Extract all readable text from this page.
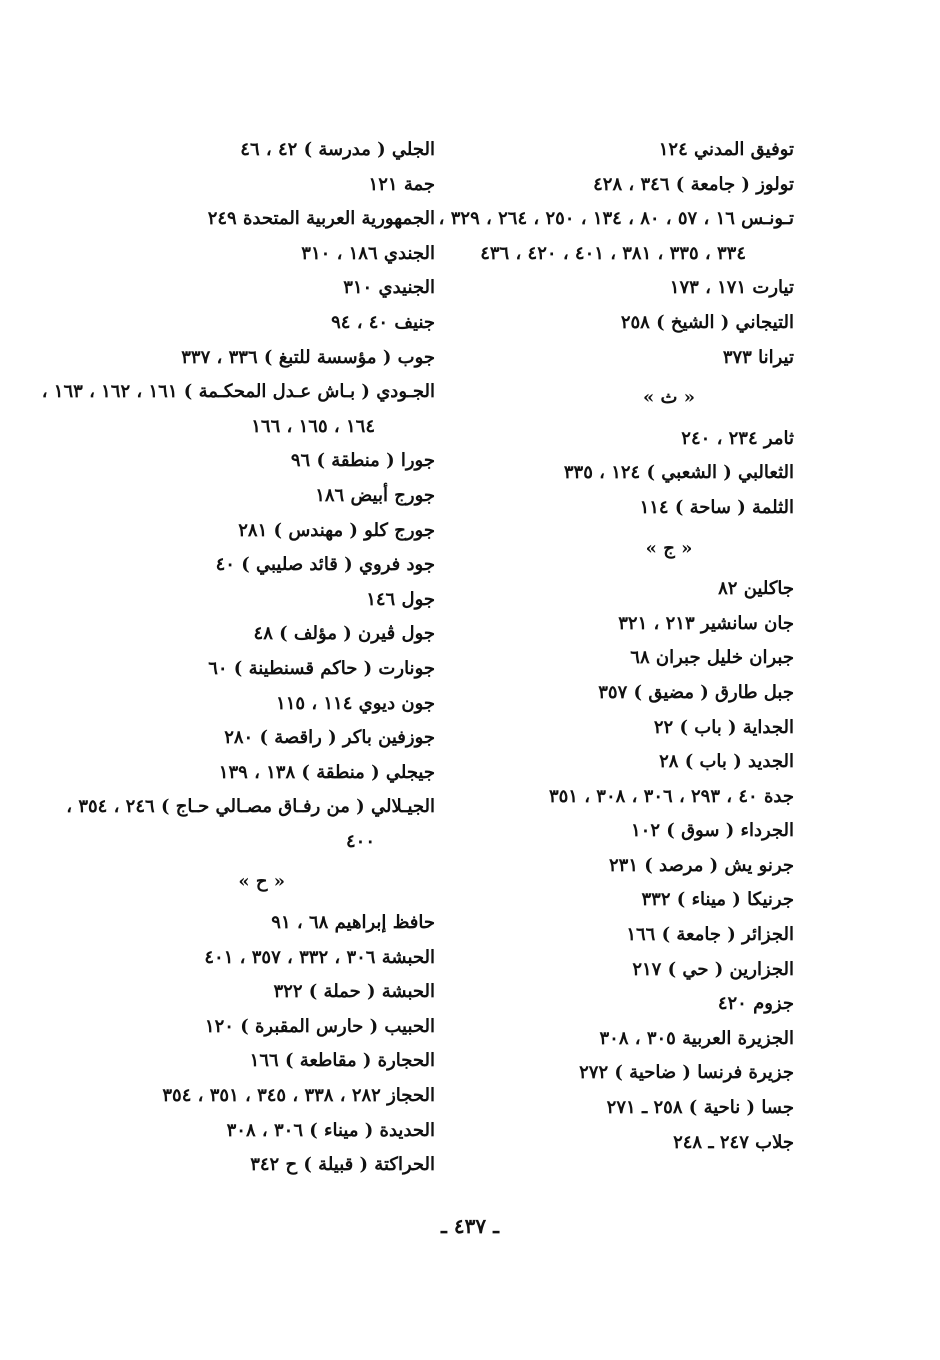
توفيق المدني ١٢٤
تولوز ( جامعة ) ٣٤٦ ، ٤٢٨
تـونـس ١٦ ، ٥٧ ، ٨٠ ، ١٣٤ ، ٢٥٠ ، ٢٦٤ ، ٣٢٩ ،
٣٣٤ ، ٣٣٥ ، ٣٨١ ، ٤٠١ ، ٤٢٠ ، ٤٣٦
تيارت ١٧١ ، ١٧٣
التيجاني ( الشيخ ) ٢٥٨
تيرانا ٣٧٣
« ث »
ثامر ٢٣٤ ، ٢٤٠
الثعالبي ( الشعبي ) ١٢٤ ، ٣٣٥
الثلمة ( ساحة ) ١١٤
« ج »
جاكلين ٨٢
جان سانشير ٢١٣ ، ٣٢١
جبران خليل جبران ٦٨
جبل طارق ( مضيق ) ٣٥٧
الجداية ( باب ) ٢٢
الجديد ( باب ) ٢٨
جدة ٤٠ ، ٢٩٣ ، ٣٠٦ ، ٣٠٨ ، ٣٥١
الجرداء ( سوق ) ١٠٢
جرنو يش ( مرصد ) ٢٣١
جرنيكا ( ميناء ) ٣٣٢
الجزائر ( جامعة ) ١٦٦
الجزارين ( حي ) ٢١٧
جزوم ٤٢٠
الجزيرة العربية ٣٠٥ ، ٣٠٨
جزيرة فرنسا ( ضاحية ) ٢٧٢
جسا ( ناحية ) ٢٥٨ ـ ٢٧١
جلاب ٢٤٧ ـ ٢٤٨
الجلي ( مدرسة ) ٤٢ ، ٤٦
جمة ١٢١
الجمهورية العربية المتحدة ٢٤٩
الجندي ١٨٦ ، ٣١٠
الجنيدي ٣١٠
جنيف ٤٠ ، ٩٤
جوب ( مؤسسة للتبغ ) ٣٣٦ ، ٣٣٧
الجـودي ( بـاش عـدل المحكـمة ) ١٦١ ، ١٦٢ ، ١٦٣ ،
١٦٤ ، ١٦٥ ، ١٦٦
جورا ( منطقة ) ٩٦
جورج أبيض ١٨٦
جورج كلو ( مهندس ) ٢٨١
جود فروي ( قائد صليبي ) ٤٠
جول ١٤٦
جول ڤيرن ( مؤلف ) ٤٨
جونارت ( حاكم قسنطينة ) ٦٠
جون ديوي ١١٤ ، ١١٥
جوزفين باكر ( راقصة ) ٢٨٠
جيجلي ( منطقة ) ١٣٨ ، ١٣٩
الجيـلالي ( من رفـاق مصـالي حـاج ) ٢٤٦ ، ٣٥٤ ،
٤٠٠
« ح »
حافظ إبراهيم ٦٨ ، ٩١
الحبشة ٣٠٦ ، ٣٣٢ ، ٣٥٧ ، ٤٠١
الحبشة ( حملة ) ٣٢٢
الحبيب ( حارس المقبرة ) ١٢٠
الحجارة ( مقاطعة ) ١٦٦
الحجاز ٢٨٢ ، ٣٣٨ ، ٣٤٥ ، ٣٥١ ، ٣٥٤
الحديدة ( ميناء ) ٣٠٦ ، ٣٠٨
الحراكتة ( قبيلة ) ح ٣٤٢
ـ ٤٣٧ ـ
